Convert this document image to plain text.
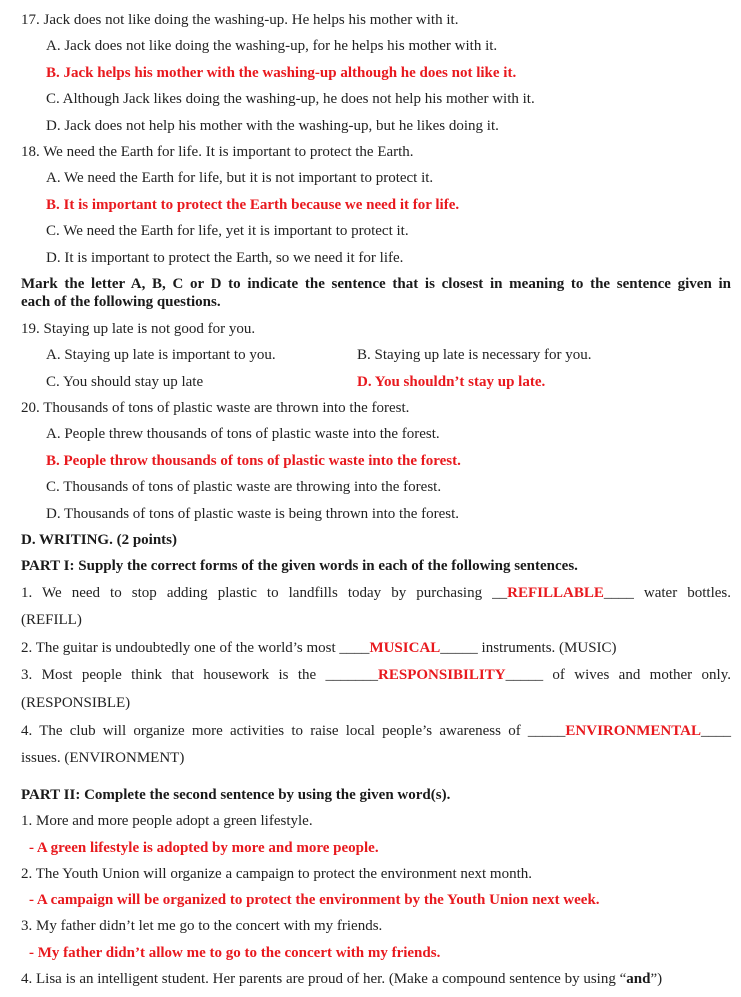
17. Jack does not like doing the washing-up. He helps his mother with it.
A. Jack does not like doing the washing-up, for he helps his mother with it.
B. Jack helps his mother with the washing-up although he does not like it.
C. Although Jack likes doing the washing-up, he does not help his mother with it.
D. Jack does not help his mother with the washing-up, but he likes doing it.
18. We need the Earth for life. It is important to protect the Earth.
A. We need the Earth for life, but it is not important to protect it.
B. It is important to protect the Earth because we need it for life.
C. We need the Earth for life, yet it is important to protect it.
D. It is important to protect the Earth, so we need it for life.
Mark the letter A, B, C or D to indicate the sentence that is closest in meaning to the sentence given in
each of the following questions.
19. Staying up late is not good for you.
A. Staying up late is important to you.	B. Staying up late is necessary for you.
C. You should stay up late	D. You shouldn’t stay up late.
20. Thousands of tons of plastic waste are thrown into the forest.
A. People threw thousands of tons of plastic waste into the forest.
B. People throw thousands of tons of plastic waste into the forest.
C. Thousands of tons of plastic waste are throwing into the forest.
D. Thousands of tons of plastic waste is being thrown into the forest.
D. WRITING. (2 points)
PART I: Supply the correct forms of the given words in each of the following sentences.
1. We need to stop adding plastic to landfills today by purchasing __REFILLABLE____ water bottles.
(REFILL)
2. The guitar is undoubtedly one of the world’s most ____MUSICAL_____ instruments. (MUSIC)
3. Most people think that housework is the _______RESPONSIBILITY_____ of wives and mother only.
(RESPONSIBLE)
4. The club will organize more activities to raise local people’s awareness of _____ENVIRONMENTAL____
issues. (ENVIRONMENT)
PART II: Complete the second sentence by using the given word(s).
1. More and more people adopt a green lifestyle.
- A green lifestyle is adopted by more and more people.
2. The Youth Union will organize a campaign to protect the environment next month.
- A campaign will be organized to protect the environment by the Youth Union next week.
3. My father didn’t let me go to the concert with my friends.
- My father didn’t allow me to go to the concert with my friends.
4. Lisa is an intelligent student. Her parents are proud of her. (Make a compound sentence by using “and”)
